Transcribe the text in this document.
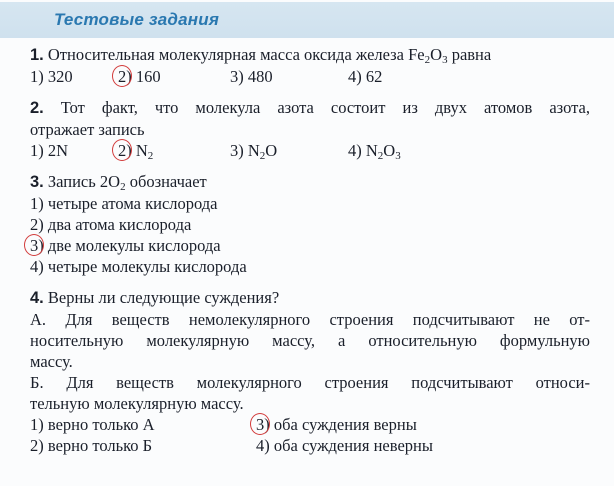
Тестовые задания
1. Относительная молекулярная масса оксида железа $Fe_2O_3$ равна
1) 320	2) 160	3) 480	4) 62
2. Тот факт, что молекула азота состоит из двух атомов азота,
отражает запись
1) 2N	2) $N_2$	3) $N_2O$	4) $N_2O_3$
3. Запись $2O_2$ обозначает
1) четыре атома кислорода
2) два атома кислорода
3) две молекулы кислорода
4) четыре молекулы кислорода
4. Верны ли следующие суждения?
А. Для веществ немолекулярного строения подсчитывают не от-
носительную молекулярную массу, а относительную формульную
массу.
Б. Для веществ молекулярного строения подсчитывают относи-
тельную молекулярную массу.
1) верно только А	3) оба суждения верны
2) верно только Б	4) оба суждения неверны
